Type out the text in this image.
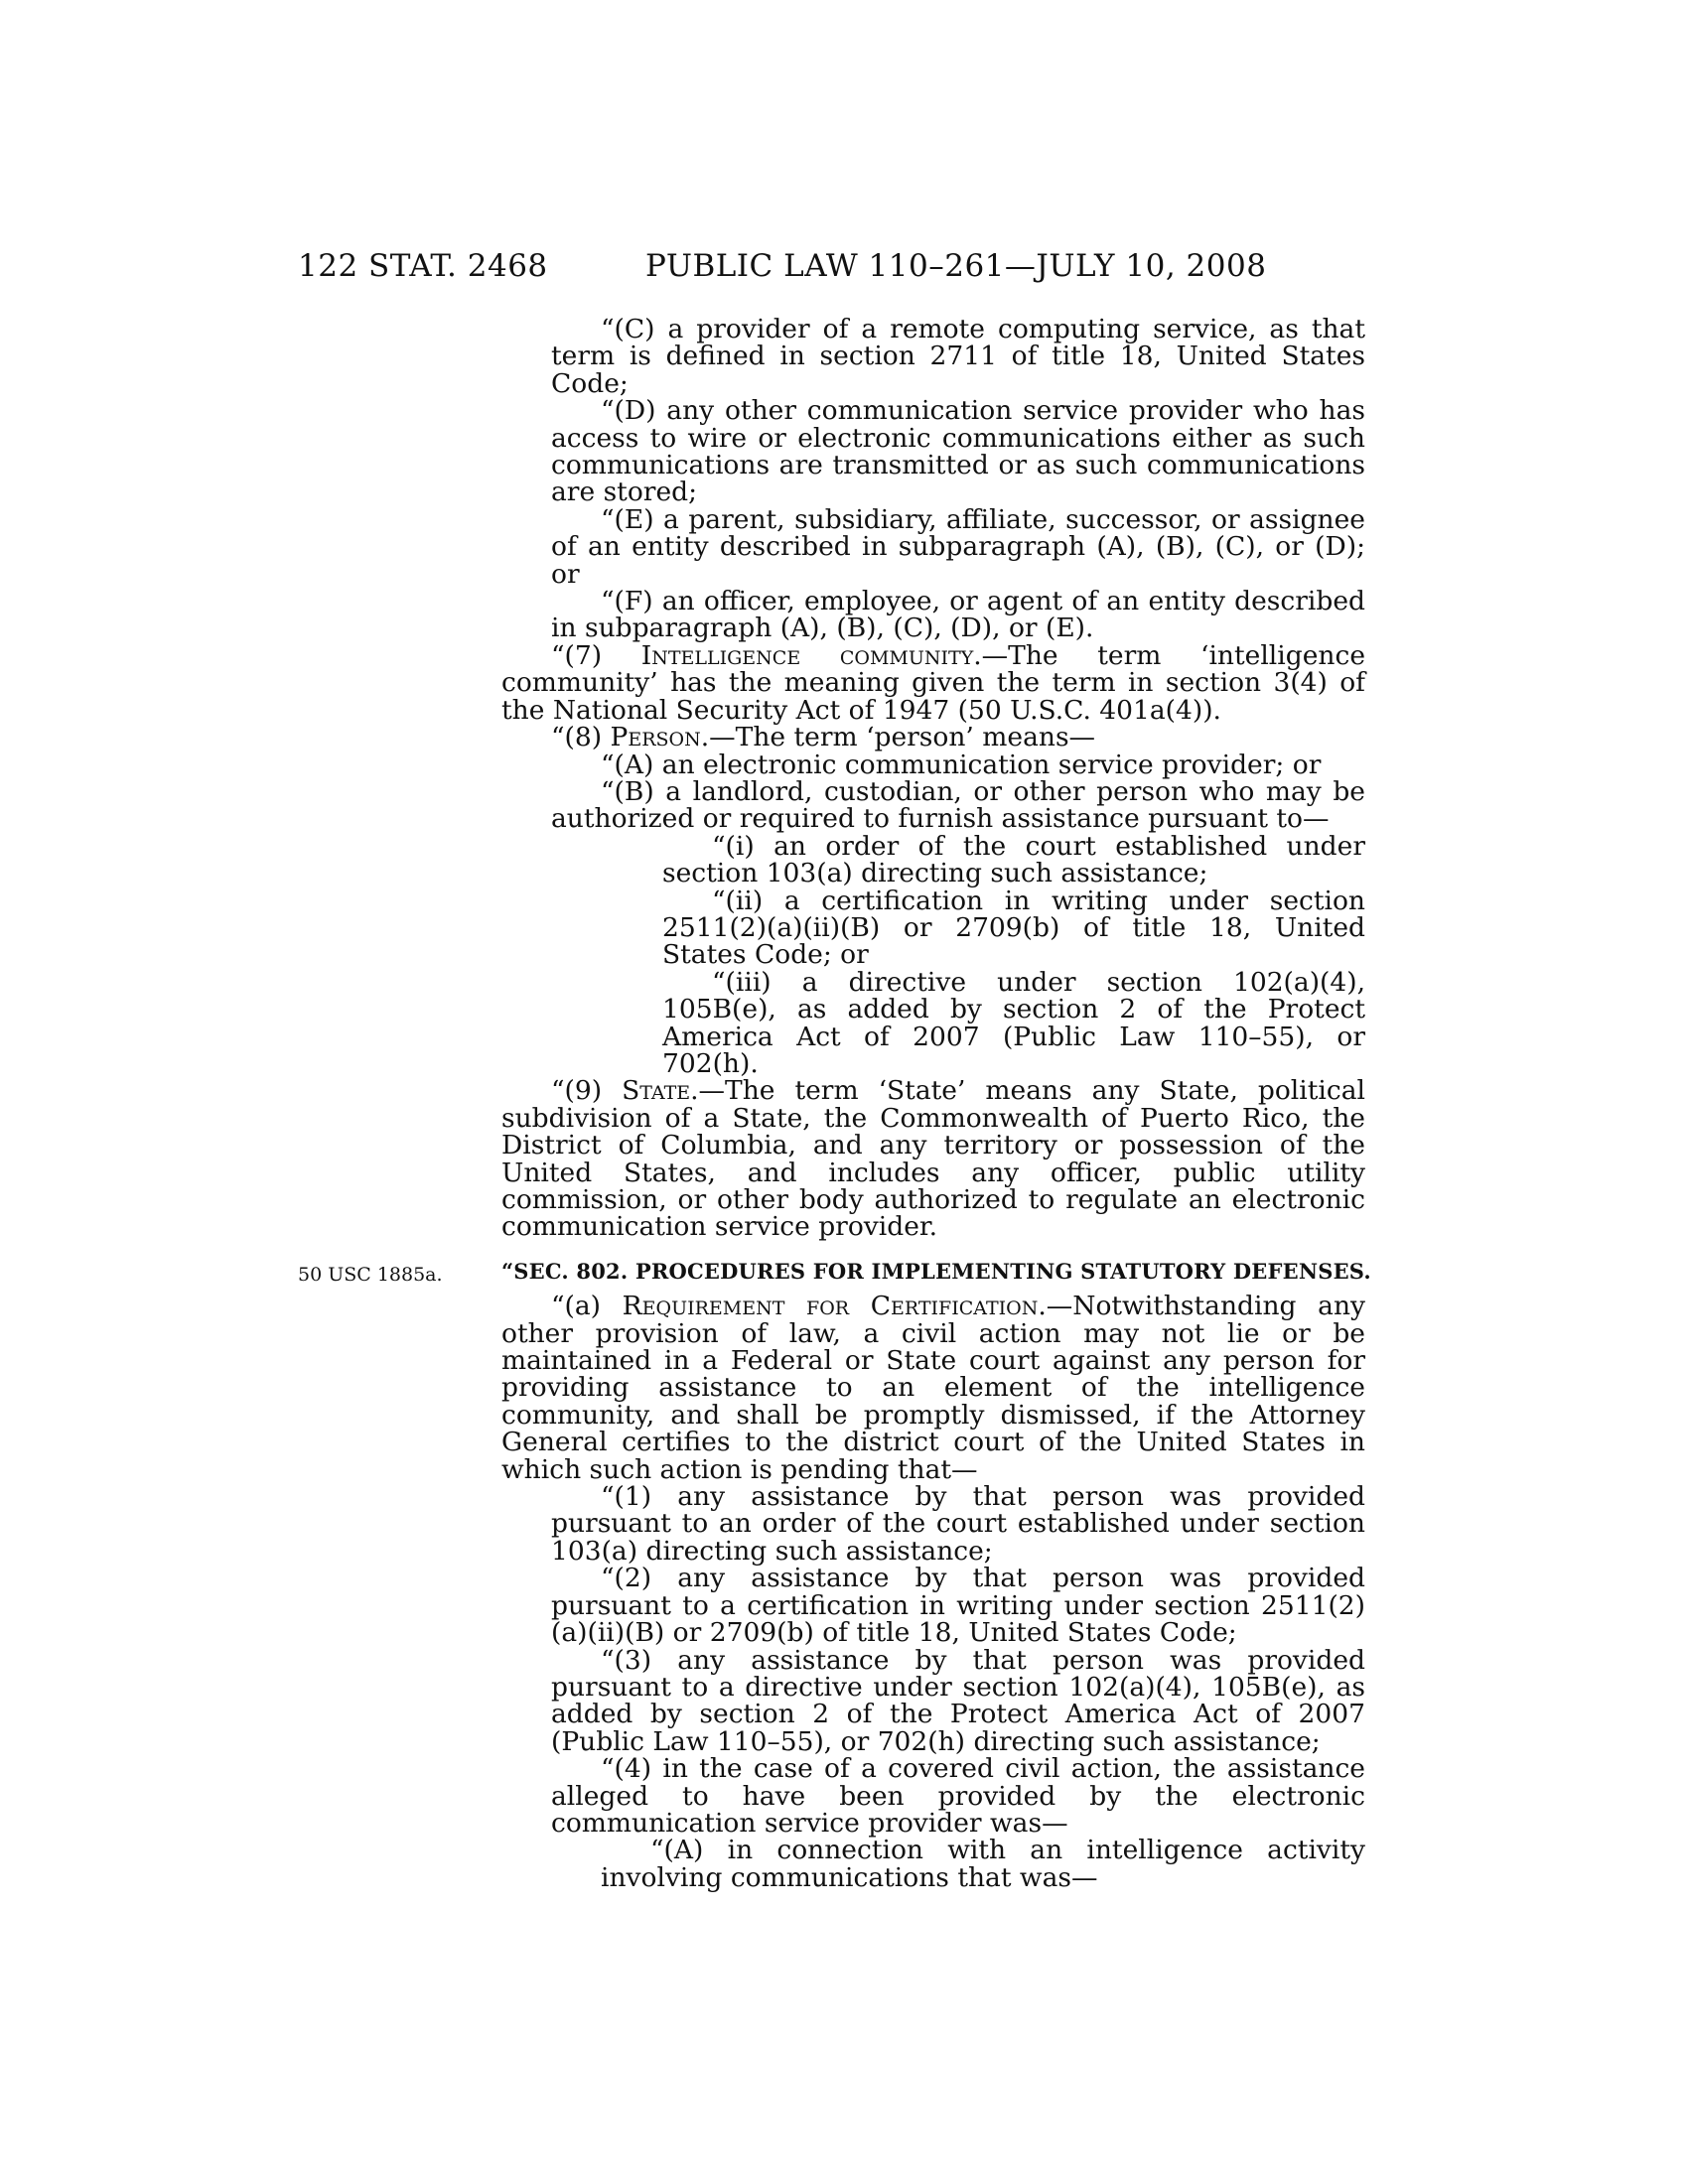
122 STAT. 2468	PUBLIC LAW 110–261—JULY 10, 2008

“(C) a provider of a remote computing service, as that term is defined in section 2711 of title 18, United States Code;

“(D) any other communication service provider who has access to wire or electronic communications either as such communications are transmitted or as such communications are stored;

“(E) a parent, subsidiary, affiliate, successor, or assignee of an entity described in subparagraph (A), (B), (C), or (D); or

“(F) an officer, employee, or agent of an entity described in subparagraph (A), (B), (C), (D), or (E).

“(7) Intelligence community.—The term ‘intelligence community’ has the meaning given the term in section 3(4) of the National Security Act of 1947 (50 U.S.C. 401a(4)).

“(8) Person.—The term ‘person’ means—

“(A) an electronic communication service provider; or

“(B) a landlord, custodian, or other person who may be authorized or required to furnish assistance pursuant to—

“(i) an order of the court established under section 103(a) directing such assistance;

“(ii) a certification in writing under section 2511(2)(a)(ii)(B) or 2709(b) of title 18, United States Code; or

“(iii) a directive under section 102(a)(4), 105B(e), as added by section 2 of the Protect America Act of 2007 (Public Law 110–55), or 702(h).

“(9) State.—The term ‘State’ means any State, political subdivision of a State, the Commonwealth of Puerto Rico, the District of Columbia, and any territory or possession of the United States, and includes any officer, public utility commission, or other body authorized to regulate an electronic communication service provider.

50 USC 1885a.	“SEC. 802. PROCEDURES FOR IMPLEMENTING STATUTORY DEFENSES.

“(a) Requirement for Certification.—Notwithstanding any other provision of law, a civil action may not lie or be maintained in a Federal or State court against any person for providing assistance to an element of the intelligence community, and shall be promptly dismissed, if the Attorney General certifies to the district court of the United States in which such action is pending that—

“(1) any assistance by that person was provided pursuant to an order of the court established under section 103(a) directing such assistance;

“(2) any assistance by that person was provided pursuant to a certification in writing under section 2511(2)(a)(ii)(B) or 2709(b) of title 18, United States Code;

“(3) any assistance by that person was provided pursuant to a directive under section 102(a)(4), 105B(e), as added by section 2 of the Protect America Act of 2007 (Public Law 110–55), or 702(h) directing such assistance;

“(4) in the case of a covered civil action, the assistance alleged to have been provided by the electronic communication service provider was—

“(A) in connection with an intelligence activity involving communications that was—
